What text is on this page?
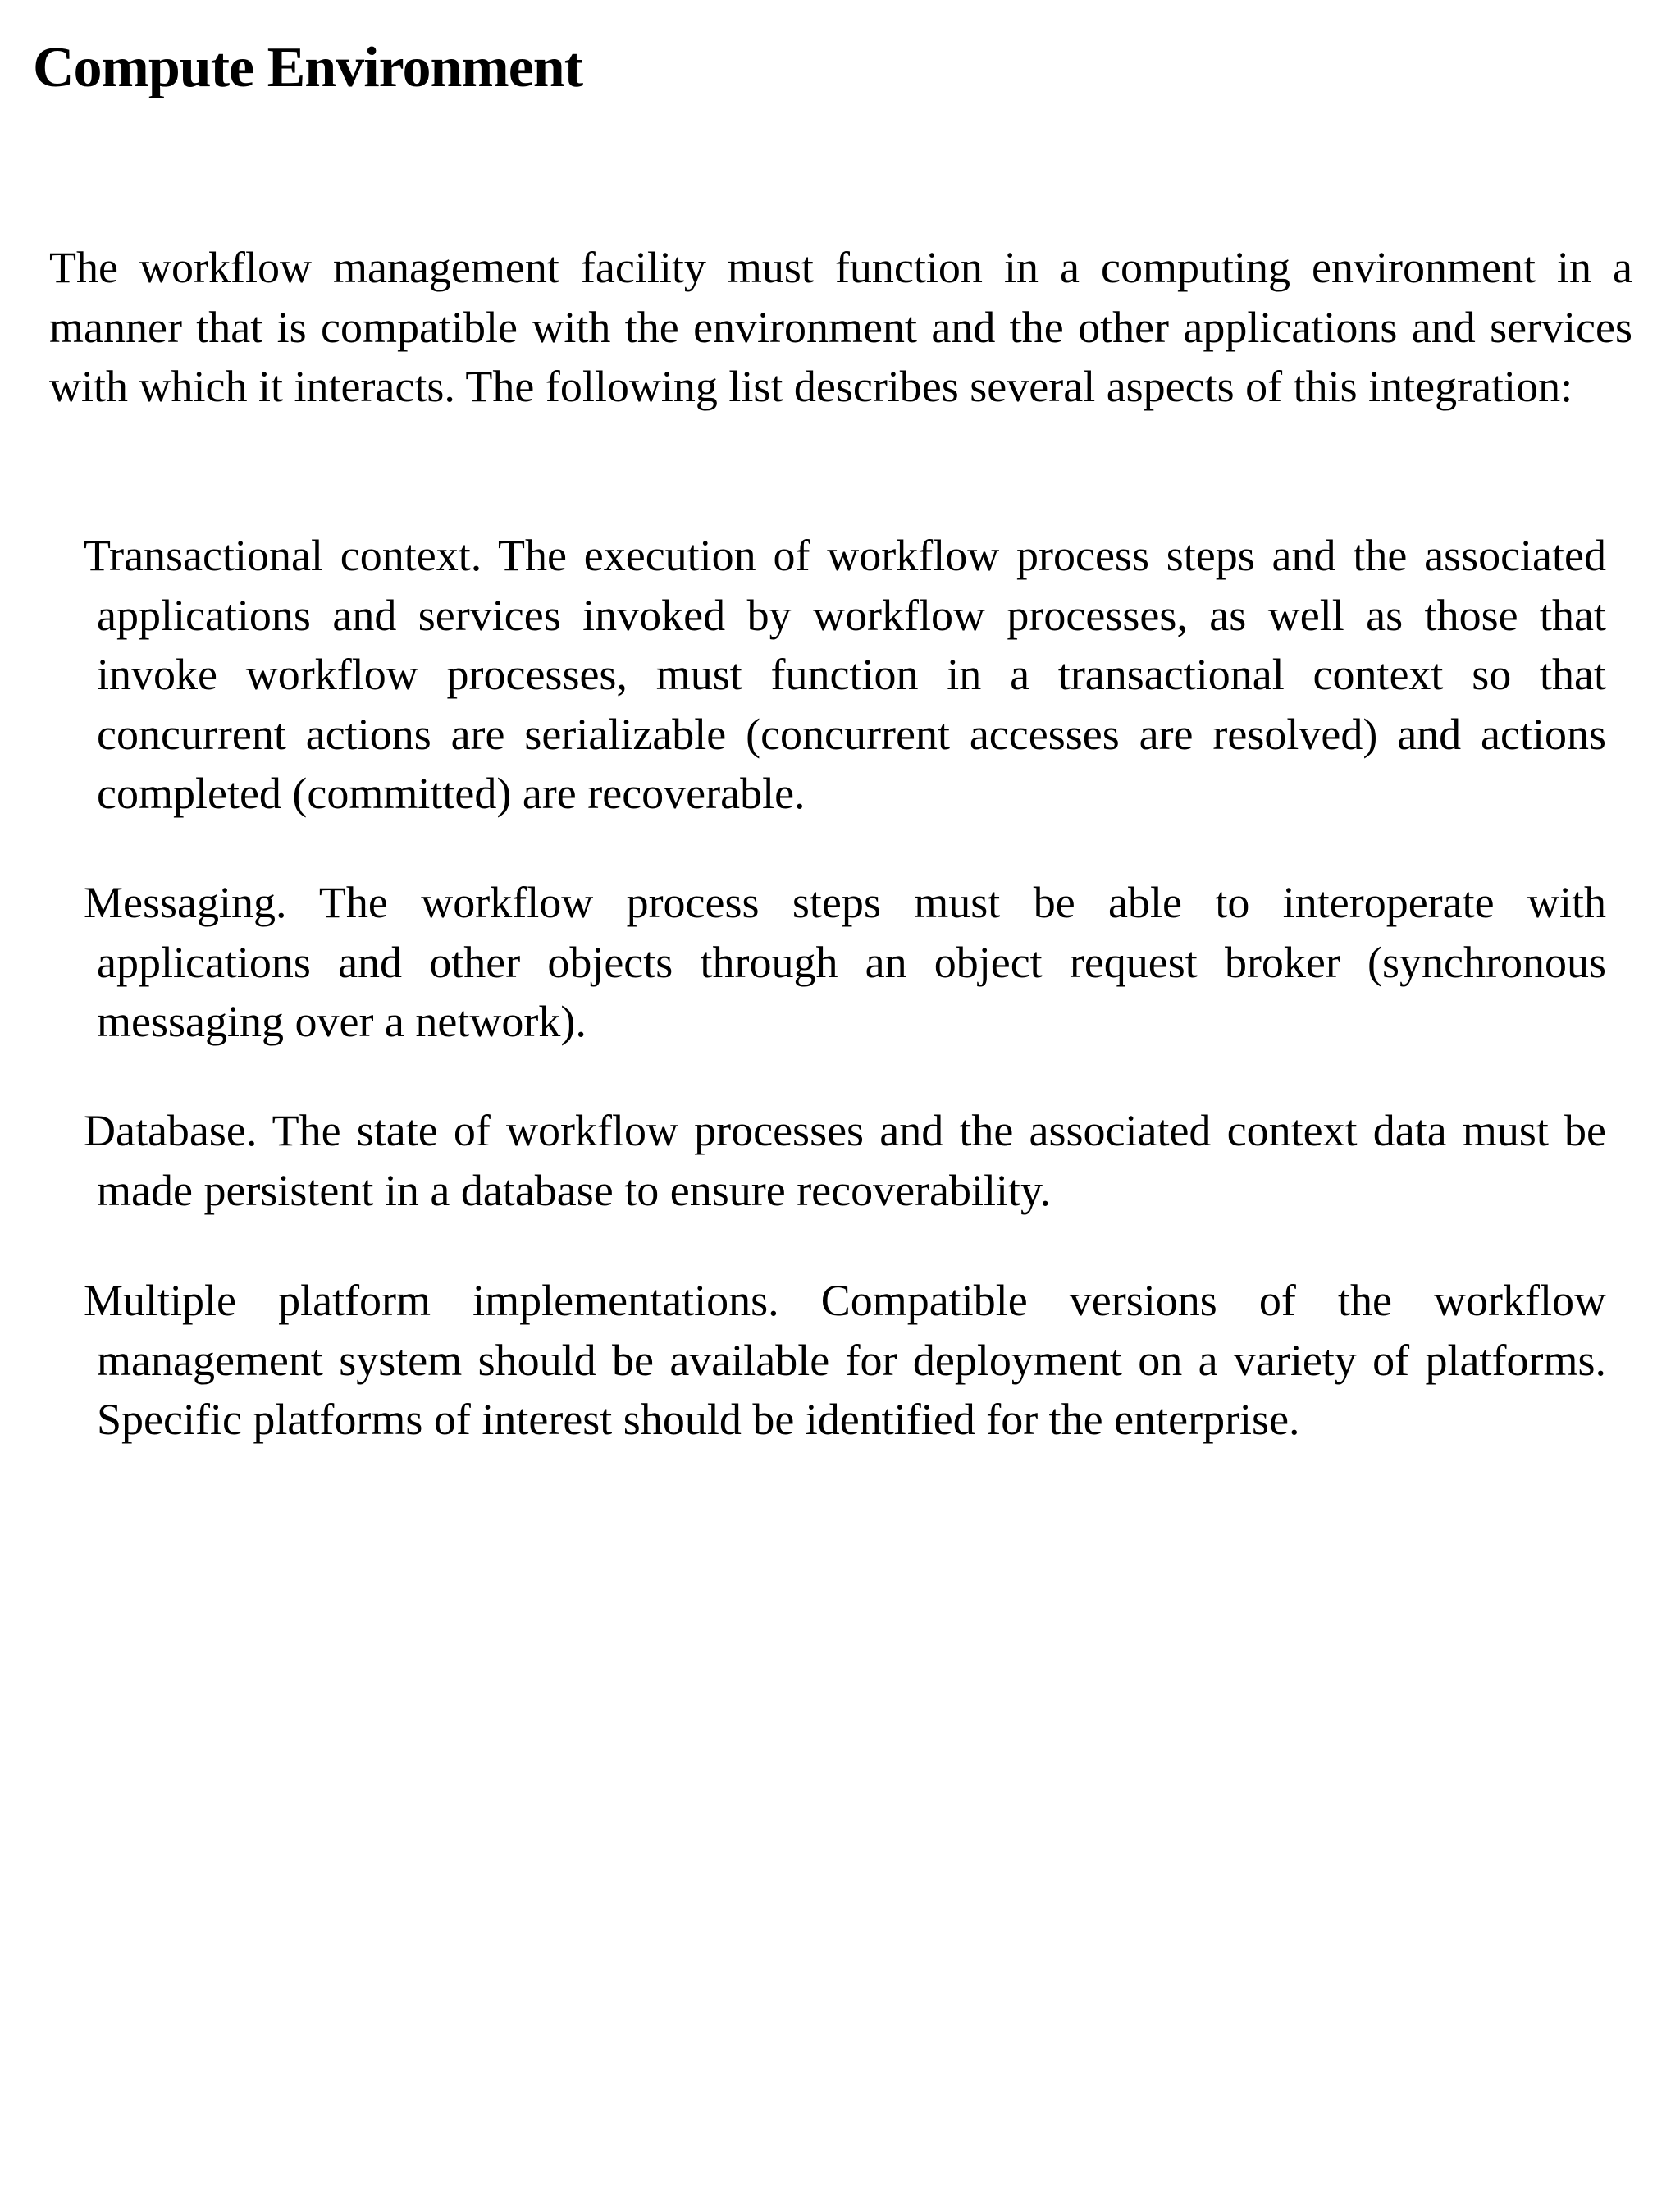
Compute Environment

The workflow management facility must function in a computing environment in a manner that is compatible with the environment and the other applications and services with which it interacts. The following list describes several aspects of this integration:

Transactional context. The execution of workflow process steps and the associated applications and services invoked by workflow processes, as well as those that invoke workflow processes, must function in a transactional context so that concurrent actions are serializable (concurrent accesses are resolved) and actions completed (committed) are recoverable.

Messaging. The workflow process steps must be able to interoperate with applications and other objects through an object request broker (synchronous messaging over a network).

Database. The state of workflow processes and the associated context data must be made persistent in a database to ensure recoverability.

Multiple platform implementations. Compatible versions of the workflow management system should be available for deployment on a variety of platforms. Specific platforms of interest should be identified for the enterprise.
